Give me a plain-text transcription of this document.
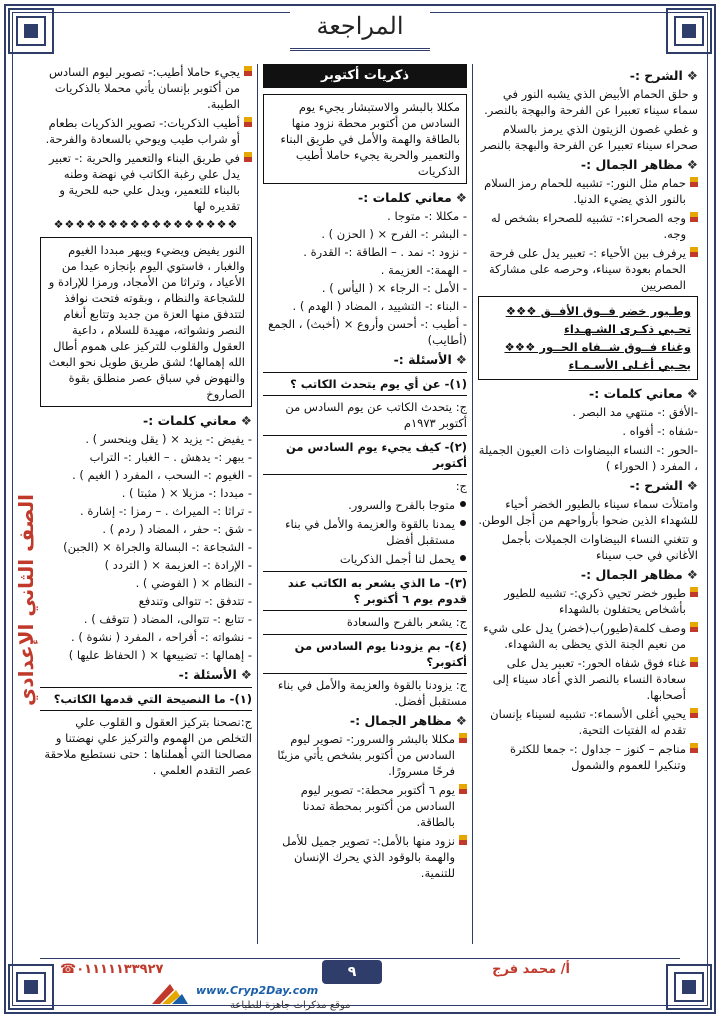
المراجعة
الصف الثاني الإعدادي
❖الشرح :-

و حلق الحمام الأبيض الذي يشبه النور في سماء سيناء تعبيرا عن الفرحة والبهجة بالنصر.

و غطي غصون الزيتون الذي يرمز بالسلام صحراء سيناء تعبيرا عن الفرحة والبهجة بالنصر

❖مظاهر الجمال :-
حمام مثل النور:- تشبيه للحمام رمز السلام بالنور الذي يضيء الدنيا.
وجه الصحراء:- تشبيه للصحراء بشخص له وجه.
يرفرف بين الأحياء :- تعبير يدل على فرحة الحمام بعودة سيناء، وحرصه على مشاركة المصريين
وطـيور خضر فــوق الأفــق ❖❖❖
تحـيي ذكـرى الشـهـداء
وغناء فــوق شــفاه الحــور ❖❖❖
يحـيي أغـلى الأسـمـاء
❖معاني كلمات :-

-الأفق :- منتهي مد البصر .

-شفاه :- أفواه .

-الحور :- النساء البيضاوات ذات العيون الجميلة ، المفرد ( الحوراء )

❖الشرح :-

وامتلأت سماء سيناء بالطيور الخضر أحياء للشهداء الذين ضحوا بأرواحهم من أجل الوطن.

و تتغني النساء البيضاوات الجميلات بأجمل الأغاني في حب سيناء

❖مظاهر الجمال :-
طيور خضر تحيي ذكري:- تشبيه للطيور بأشخاص يحتفلون بالشهداء
وصف كلمة(طيور)ب(خضر) يدل على شيء من نعيم الجنة الذي يحظى به الشهداء.
غناء فوق شفاه الحور:- تعبير يدل على سعادة النساء بالنصر الذي أعاد سيناء إلى أصحابها.
يحيي أغلى الأسماء:- تشبيه لسيناء بإنسان تقدم له الفتيات التحية.
مناجم – كنوز – جداول :- جمعا للكثرة وتنكيرا للعموم والشمول
ذكريات أكتوبر
مكللا بالبشر والاستبشار يجيء يوم السادس من أكتوبر محطة نزود منها بالطاقة والهمة والأمل في طريق البناء والتعمير والحرية يجيء حاملا أطيب الذكريات
❖معاني كلمات :-
- مكللا :- متوجا .
- البشر :- الفرح × ( الحزن ) .
- نزود :- نمد . – الطاقة :- القدرة .
- الهمة:- العزيمة .
- الأمل :- الرجاء × ( اليأس ) .
- البناء :- التشييد ، المضاد ( الهدم ) .
- أطيب :- أحسن وأروع × (أخبث) ، الجمع (أطايب)
❖الأسئلة :-
(١)- عن أي يوم يتحدث الكاتب ؟

ج: يتحدث الكاتب عن يوم السادس من أكتوبر ١٩٧٣م

(٢)- كيف يجيء يوم السادس من أكتوبر

ج:

متوجا بالفرح والسرور.
يمدنا بالقوة والعزيمة والأمل في بناء مستقبل أفضل
يحمل لنا أجمل الذكريات
(٣)- ما الذي يشعر به الكاتب عند قدوم يوم ٦ أكتوبر ؟

ج: يشعر بالفرح والسعادة

(٤)- بم يزودنا يوم السادس من أكتوبر؟

ج: يزودنا بالقوة والعزيمة والأمل في بناء مستقبل أفضل.

❖مظاهر الجمال :-
مكللا بالبشر والسرور:- تصوير ليوم السادس من أكتوبر بشخص يأتي مزينًا فرحًا مسرورًا.
يوم ٦ أكتوبر محطة:- تصوير ليوم السادس من أكتوبر بمحطة تمدنا بالطاقة.
نزود منها بالأمل:- تصوير جميل للأمل والهمة بالوقود الذي يحرك الإنسان للتنمية.
يجيء حاملا أطيب:- تصوير ليوم السادس من أكتوبر بإنسان يأتي محملا بالذكريات الطيبة.
أطيب الذكريات:- تصوير الذكريات بطعام أو شراب طيب ويوحي بالسعادة والفرحة.
في طريق البناء والتعمير والحرية :- تعبير يدل علي رغبة الكاتب في نهضة وطنه بالبناء للتعمير، ويدل علي حبه للحرية و تقديره لها
❖❖❖❖❖❖❖❖❖❖❖❖❖❖❖❖❖
النور يفيض ويضيء ويبهر مبددا الغيوم والغبار ، فاستوي اليوم بإنجازه عيدا من الأعياد ، وتراثا من الأمجاد، ورمزا للإرادة و للشجاعة والنظام ، وبقوته فتحت نوافذ لتتدفق منها العزة من جديد وتتابع أنغام النصر ونشواته، مهيدة للسلام ، داعية العقول والقلوب للتركيز على هموم أطال الله إهمالها؛ لشق طريق طويل نحو البعث والنهوض في سباق عصر منطلق بقوة الصاروخ
❖معاني كلمات :-
- يفيض :- يزيد × ( يقل وينحسر ) .
- يبهر :- يدهش . – الغبار :- التراب
- الغيوم :- السحب ، المفرد ( الغيم ) .
- مبددا :- مزيلا × ( مثبتا ) .
- تراثا :- الميراث . – رمزا :- إشارة .
- شق :- حفر ، المضاد ( ردم ) .
- الشجاعة :- البسالة والجراة × (الجبن)
- الإرادة :- العزيمة × ( التردد )
- النظام × ( الفوضي ) .
- تتدفق :- تتوالى وتندفع
- تتابع :- تتوالى، المضاد ( تتوقف ) .
- نشواته :- أفراحه ، المفرد ( نشوة ) .
- إهمالها :- تضييعها × ( الحفاظ عليها )
❖الأسئلة :-
(١)- ما النصيحة التي قدمها الكاتب؟

ج:نصحنا بتركيز العقول و القلوب علي التخلص من الهموم والتركيز علي نهضتنا و مصالحنا التي أهملناها : حتى نستطيع ملاحقة عصر التقدم العلمي .

٩	أ/ محمد فرج
☎٠١١١١١٣٣٩٢٧
www.Cryp2Day.com
موقع مذكرات جاهزة للطباعة
